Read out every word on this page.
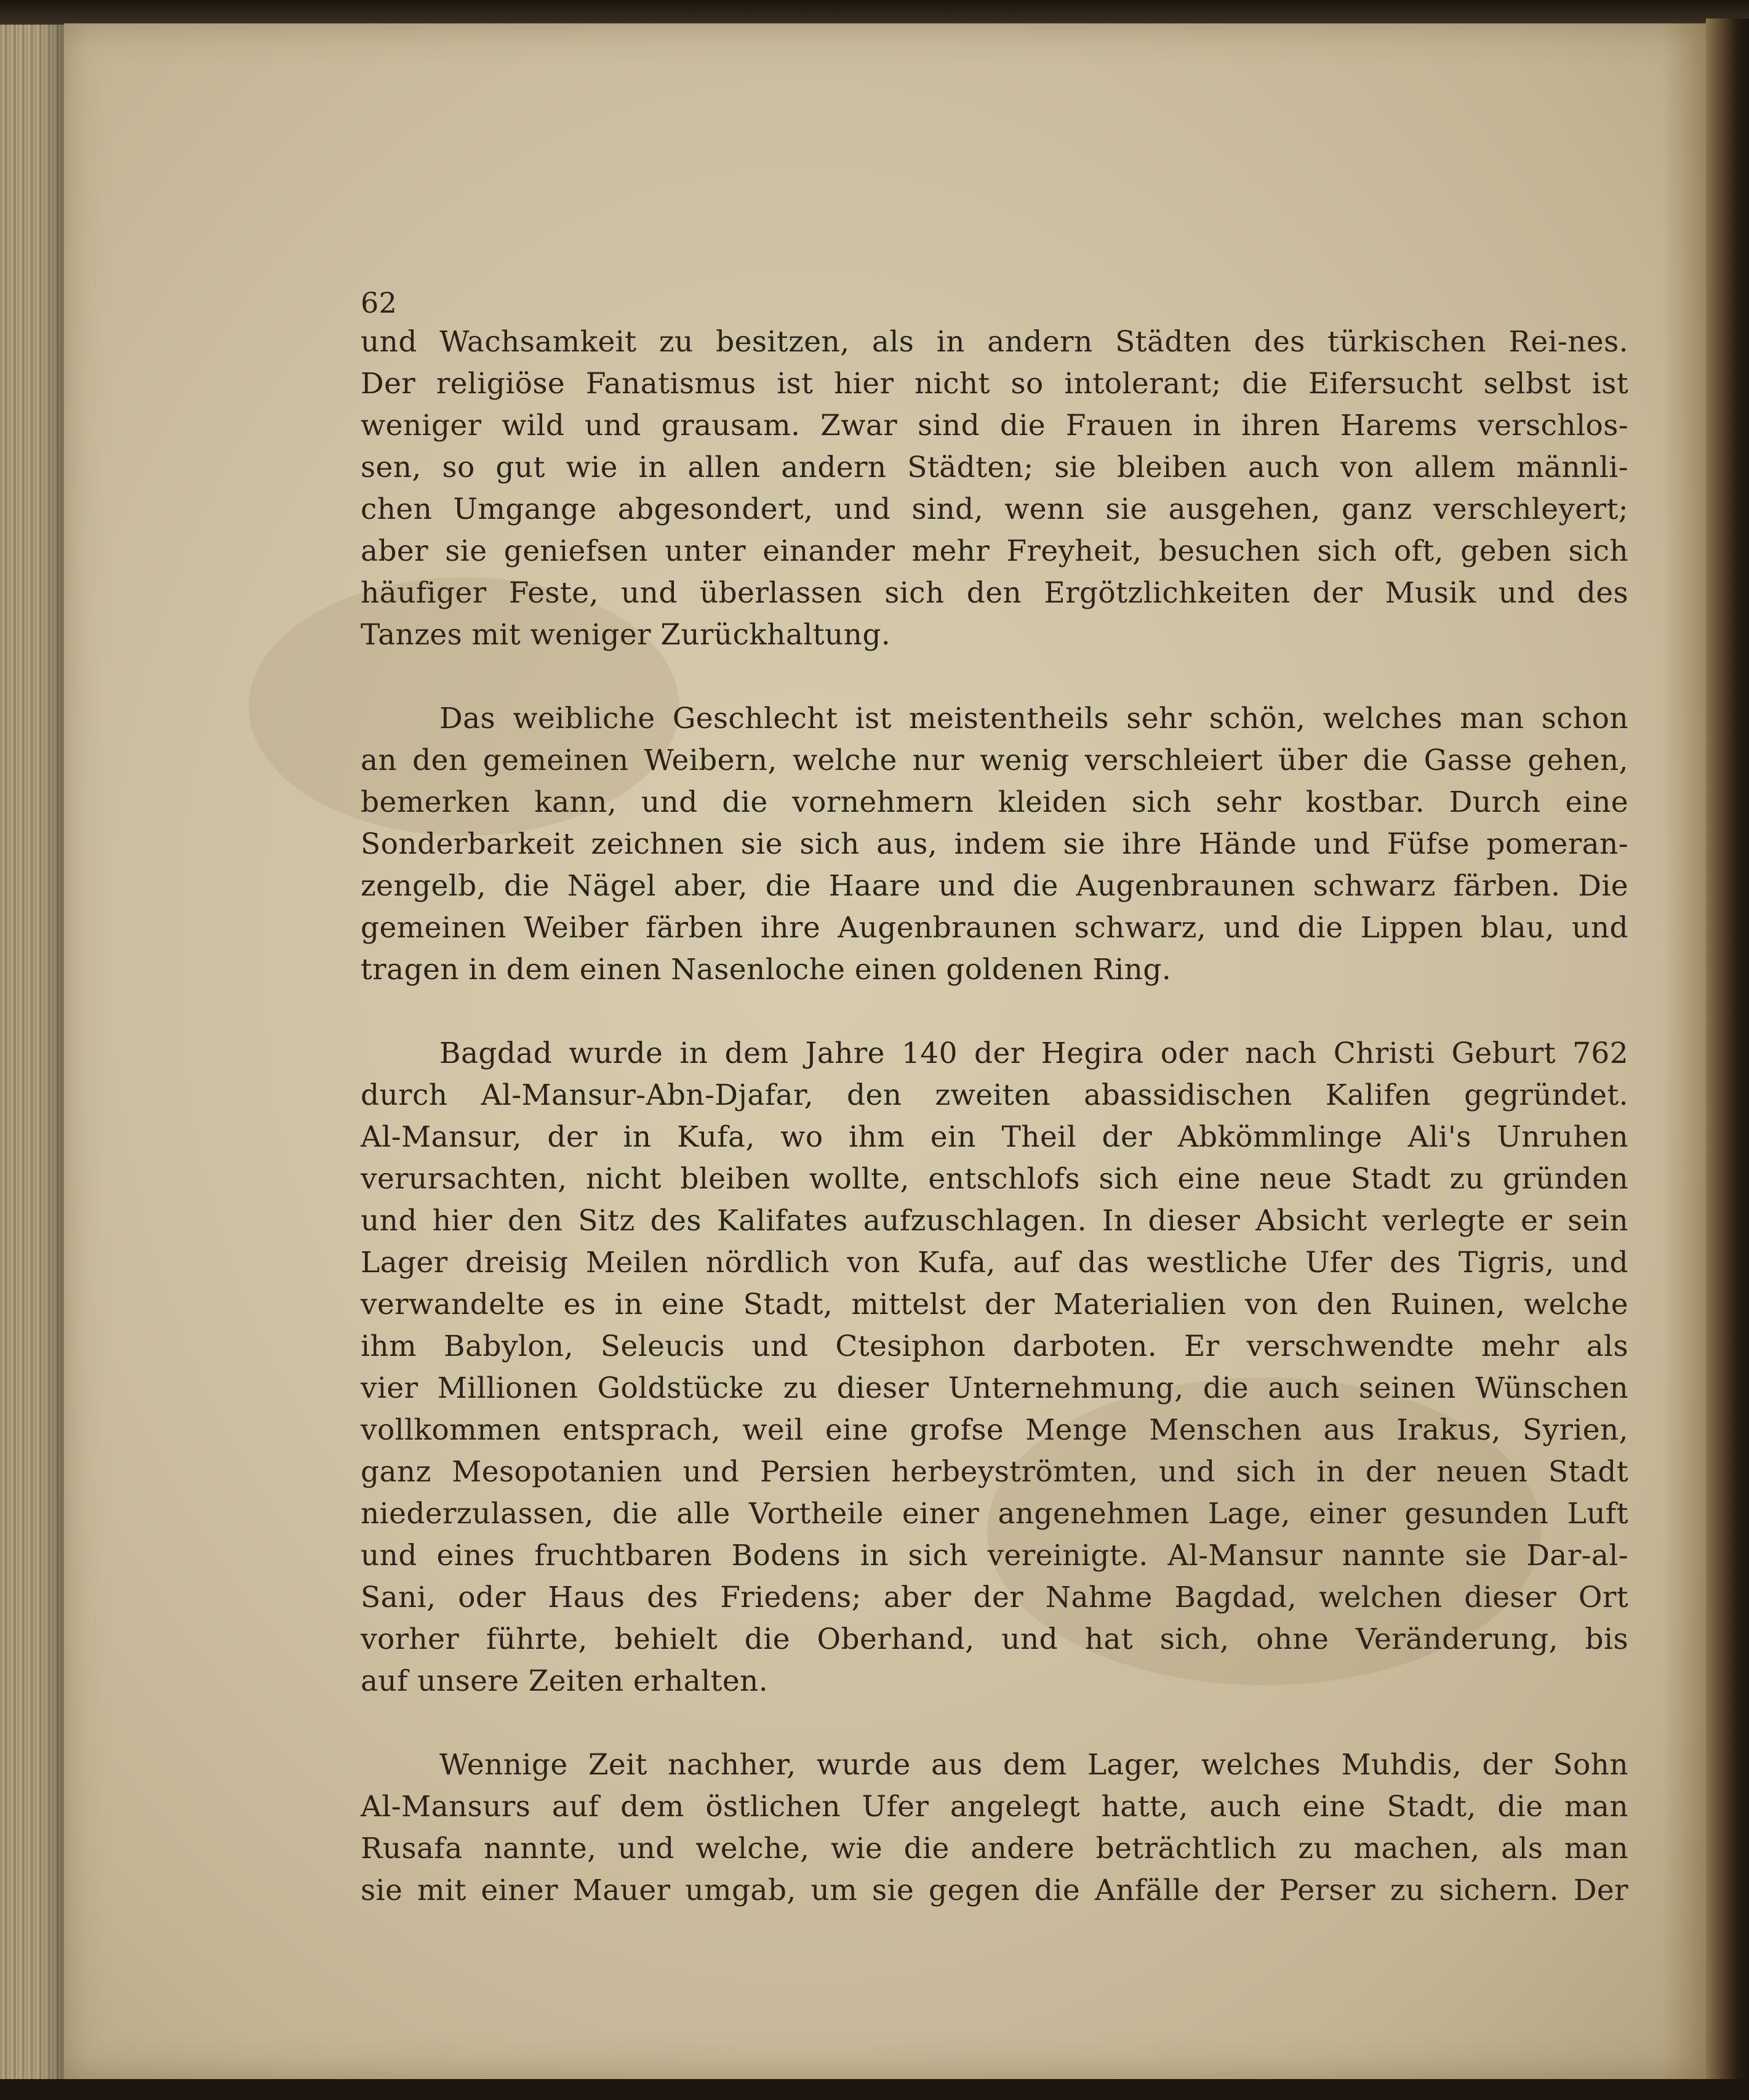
62
und Wachsamkeit zu besitzen, als in andern Städten des türkischen Rei-nes.
Der religiöse Fanatismus ist hier nicht so intolerant; die Eifersucht selbst ist
weniger wild und grausam. Zwar sind die Frauen in ihren Harems verschlos-
sen, so gut wie in allen andern Städten; sie bleiben auch von allem männli-
chen Umgange abgesondert, und sind, wenn sie ausgehen, ganz verschleyert;
aber sie geniefsen unter einander mehr Freyheit, besuchen sich oft, geben sich
häufiger Feste, und überlassen sich den Ergötzlichkeiten der Musik und des
Tanzes mit weniger Zurückhaltung.
Das weibliche Geschlecht ist meistentheils sehr schön, welches man schon
an den gemeinen Weibern, welche nur wenig verschleiert über die Gasse gehen,
bemerken kann, und die vornehmern kleiden sich sehr kostbar. Durch eine
Sonderbarkeit zeichnen sie sich aus, indem sie ihre Hände und Füfse pomeran-
zengelb, die Nägel aber, die Haare und die Augenbraunen schwarz färben. Die
gemeinen Weiber färben ihre Augenbraunen schwarz, und die Lippen blau, und
tragen in dem einen Nasenloche einen goldenen Ring.
Bagdad wurde in dem Jahre 140 der Hegira oder nach Christi Geburt 762
durch Al-Mansur-Abn-Djafar, den zweiten abassidischen Kalifen gegründet.
Al-Mansur, der in Kufa, wo ihm ein Theil der Abkömmlinge Ali's Unruhen
verursachten, nicht bleiben wollte, entschlofs sich eine neue Stadt zu gründen
und hier den Sitz des Kalifates aufzuschlagen. In dieser Absicht verlegte er sein
Lager dreisig Meilen nördlich von Kufa, auf das westliche Ufer des Tigris, und
verwandelte es in eine Stadt, mittelst der Materialien von den Ruinen, welche
ihm Babylon, Seleucis und Ctesiphon darboten. Er verschwendte mehr als
vier Millionen Goldstücke zu dieser Unternehmung, die auch seinen Wünschen
vollkommen entsprach, weil eine grofse Menge Menschen aus Irakus, Syrien,
ganz Mesopotanien und Persien herbeyströmten, und sich in der neuen Stadt
niederzulassen, die alle Vortheile einer angenehmen Lage, einer gesunden Luft
und eines fruchtbaren Bodens in sich vereinigte. Al-Mansur nannte sie Dar-al-
Sani, oder Haus des Friedens; aber der Nahme Bagdad, welchen dieser Ort
vorher führte, behielt die Oberhand, und hat sich, ohne Veränderung, bis
auf unsere Zeiten erhalten.
Wennige Zeit nachher, wurde aus dem Lager, welches Muhdis, der Sohn
Al-Mansurs auf dem östlichen Ufer angelegt hatte, auch eine Stadt, die man
Rusafa nannte, und welche, wie die andere beträchtlich zu machen, als man
sie mit einer Mauer umgab, um sie gegen die Anfälle der Perser zu sichern. Der
